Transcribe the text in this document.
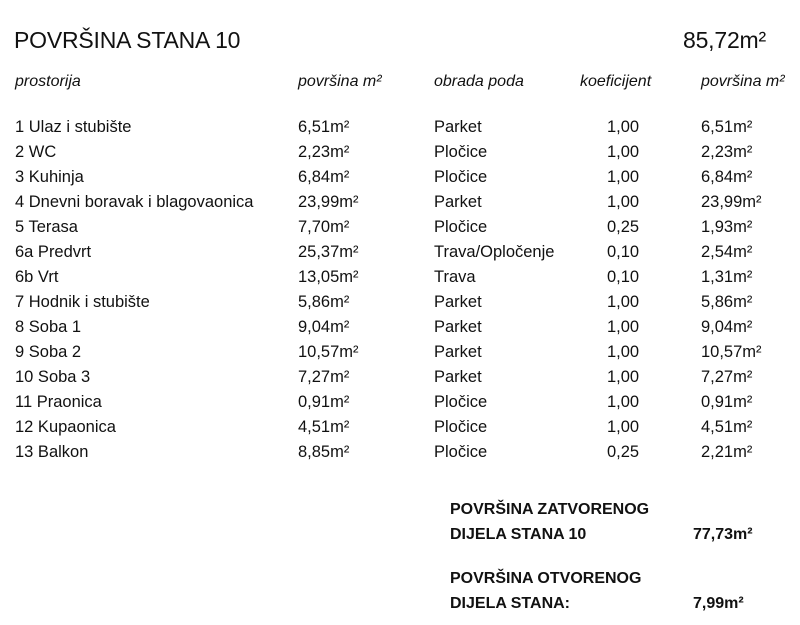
POVRŠINA STANA 10	85,72m²
prostorija	površina m²	obrada poda	koeficijent	površina m²
1 Ulaz i stubište	6,51m²	Parket	1,00	6,51m²
2 WC	2,23m²	Pločice	1,00	2,23m²
3 Kuhinja	6,84m²	Pločice	1,00	6,84m²
4 Dnevni boravak i blagovaonica	23,99m²	Parket	1,00	23,99m²
5 Terasa	7,70m²	Pločice	0,25	1,93m²
6a Predvrt	25,37m²	Trava/Opločenje	0,10	2,54m²
6b Vrt	13,05m²	Trava	0,10	1,31m²
7 Hodnik i stubište	5,86m²	Parket	1,00	5,86m²
8 Soba 1	9,04m²	Parket	1,00	9,04m²
9 Soba 2	10,57m²	Parket	1,00	10,57m²
10 Soba 3	7,27m²	Parket	1,00	7,27m²
11 Praonica	0,91m²	Pločice	1,00	0,91m²
12 Kupaonica	4,51m²	Pločice	1,00	4,51m²
13 Balkon	8,85m²	Pločice	0,25	2,21m²
POVRŠINA ZATVORENOG
DIJELA STANA 10	77,73m²
POVRŠINA OTVORENOG
DIJELA STANA:	7,99m²
